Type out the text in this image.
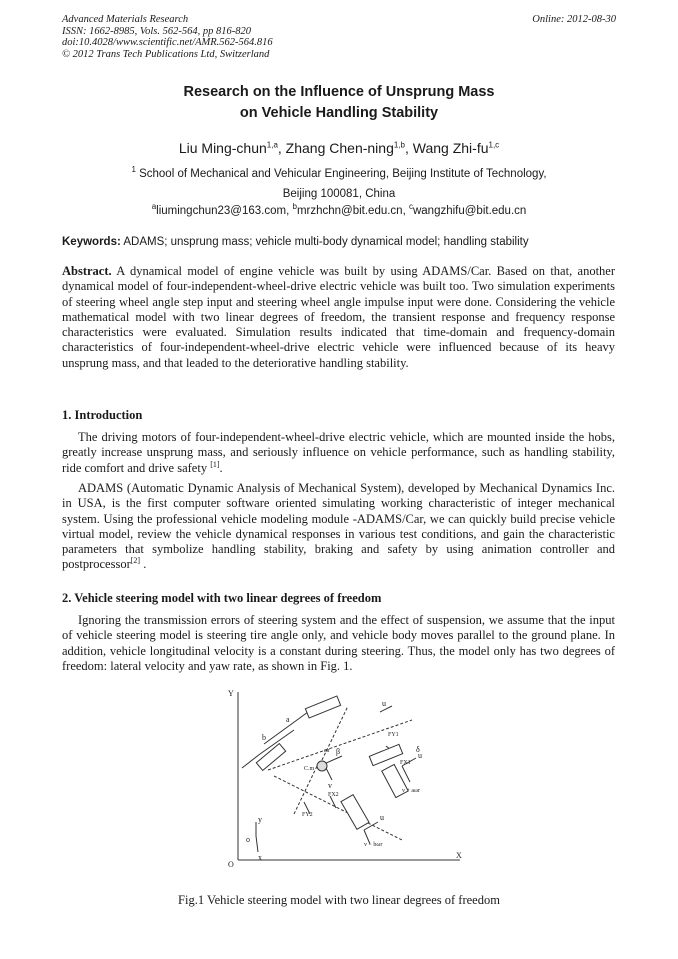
Advanced Materials Research
ISSN: 1662-8985, Vols. 562-564, pp 816-820
doi:10.4028/www.scientific.net/AMR.562-564.816
© 2012 Trans Tech Publications Ltd, Switzerland
Online: 2012-08-30
Research on the Influence of Unsprung Mass
on Vehicle Handling Stability
Liu Ming-chun$^{1,a}$, Zhang Chen-ning$^{1,b}$, Wang Zhi-fu$^{1,c}$
$^1$ School of Mechanical and Vehicular Engineering, Beijing Institute of Technology,
Beijing 100081, China
$^a$liumingchun23@163.com, $^b$mrzhchn@bit.edu.cn, $^c$wangzhifu@bit.edu.cn
Keywords: ADAMS; unsprung mass; vehicle multi-body dynamical model; handling stability
Abstract. A dynamical model of engine vehicle was built by using ADAMS/Car. Based on that, another dynamical model of four-independent-wheel-drive electric vehicle was built too. Two simulation experiments of steering wheel angle step input and steering wheel angle impulse input were done. Considering the vehicle mathematical model with two linear degrees of freedom, the transient response and frequency response characteristics were evaluated. Simulation results indicated that time-domain and frequency-domain characteristics of four-independent-wheel-drive electric vehicle were influenced because of its heavy unsprung mass, and that leaded to the deteriorative handling stability.
1. Introduction
The driving motors of four-independent-wheel-drive electric vehicle, which are mounted inside the hobs, greatly increase unsprung mass, and seriously influence on vehicle performance, such as handling stability, ride comfort and drive safety [1].
ADAMS (Automatic Dynamic Analysis of Mechanical System), developed by Mechanical Dynamics Inc. in USA, is the first computer software oriented simulating working characteristic of integer mechanical system. Using the professional vehicle modeling module -ADAMS/Car, we can quickly build precise vehicle virtual model, review the vehicle dynamical responses in various test conditions, and gain the characteristic parameters that symbolize handling stability, braking and safety by using animation controller and postprocessor[2] .
2. Vehicle steering model with two linear degrees of freedom
Ignoring the transmission errors of steering system and the effect of suspension, we assume that the input of vehicle steering model is steering tire angle only, and vehicle body moves parallel to the ground plane. In addition, vehicle longitudinal velocity is a constant during steering. Thus, the model only has two degrees of freedom: lateral velocity and yaw rate, as shown in Fig. 1.
Y
X
O
o
x
y
a
b
C.m
β
ωr
v
u
δ
FY1
FX1
u
v + aωr
FX2
FY2	u
v − bωr
Fig.1 Vehicle steering model with two linear degrees of freedom
